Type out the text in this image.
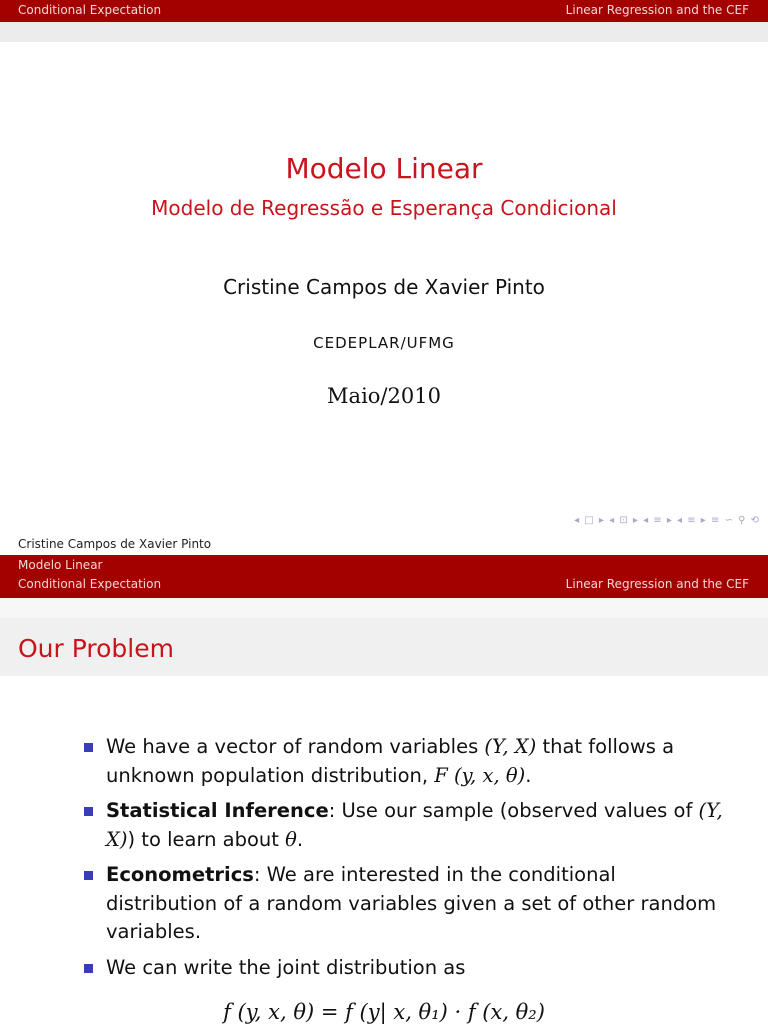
Conditional Expectation	Linear Regression and the CEF
Modelo Linear
Modelo de Regressão e Esperança Condicional
Cristine Campos de Xavier Pinto
CEDEPLAR/UFMG
Maio/2010
◂ □ ▸ ◂ ⊡ ▸ ◂ ≡ ▸ ◂ ≡ ▸ ≡ ∽ ⚲ ⟲
Cristine Campos de Xavier Pinto
Modelo Linear
Conditional Expectation	Linear Regression and the CEF
Our Problem
We have a vector of random variables (Y, X) that follows a unknown population distribution, F (y, x, θ).
Statistical Inference: Use our sample (observed values of (Y, X)) to learn about θ.
Econometrics: We are interested in the conditional distribution of a random variables given a set of other random variables.
We can write the joint distribution as
f (y, x, θ) = f (y| x, θ₁) · f (x, θ₂)
